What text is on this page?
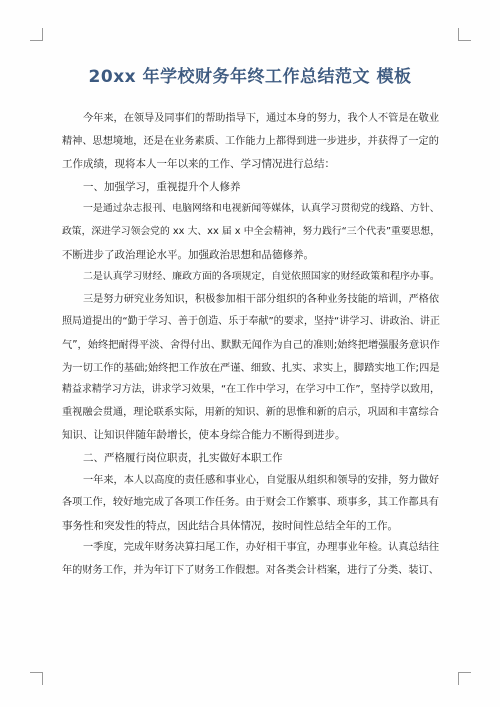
20xx 年学校财务年终工作总结范文 模板
今年来，在领导及同事们的帮助指导下，通过本身的努力，我个人不管是在敬业
精神、思想境地，还是在业务素质、工作能力上都得到进一步进步，并获得了一定的
工作成绩，现将本人一年以来的工作、学习情况进行总结：
一、加强学习，重视提升个人修养
一是通过杂志报刊、电脑网络和电视新闻等媒体，认真学习贯彻党的线路、方针、
政策，深进学习领会党的 xx 大、xx 届 x 中全会精神，努力践行“三个代表”重要思想，
不断进步了政治理论水平。加强政治思想和品德修养。
二是认真学习财经、廉政方面的各项规定，自觉依照国家的财经政策和程序办事。
三是努力研究业务知识，积极参加相干部分组织的各种业务技能的培训，严格依
照局道提出的“勤于学习、善于创造、乐于奉献”的要求，坚持“讲学习、讲政治、讲正
气”，始终把耐得平淡、舍得付出、默默无闻作为自己的准则;始终把增强服务意识作
为一切工作的基础;始终把工作放在严谨、细致、扎实、求实上，脚踏实地工作;四是
精益求精学习方法，讲求学习效果，“在工作中学习，在学习中工作”，坚持学以致用，
重视融会贯通，理论联系实际，用新的知识、新的思惟和新的启示，巩固和丰富综合
知识、让知识伴随年龄增长，使本身综合能力不断得到进步。
二、严格履行岗位职责，扎实做好本职工作
一年来，本人以高度的责任感和事业心，自觉服从组织和领导的安排，努力做好
各项工作，较好地完成了各项工作任务。由于财会工作繁事、琐事多，其工作都具有
事务性和突发性的特点，因此结合具体情况，按时间性总结全年的工作。
一季度，完成年财务决算扫尾工作，办好相干事宜，办理事业年检。认真总结往
年的财务工作，并为年订下了财务工作假想。对各类会计档案，进行了分类、装订、
